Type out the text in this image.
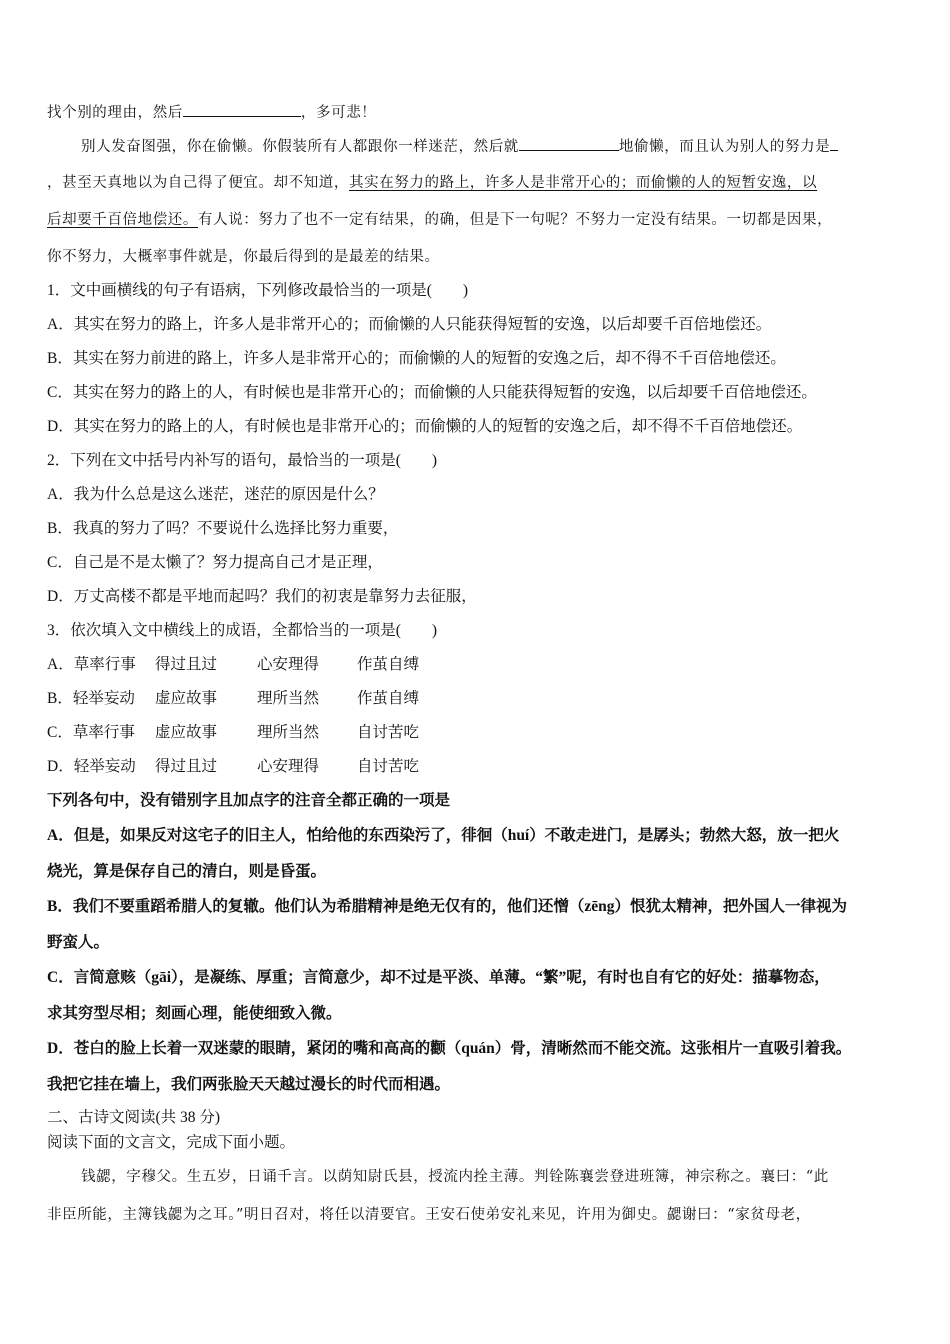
找个别的理由，然后	，多可悲！
别人发奋图强，你在偷懒。你假装所有人都跟你一样迷茫，然后就	地偷懒，而且认为别人的努力是
，甚至天真地以为自己得了便宜。却不知道，其实在努力的路上，许多人是非常开心的；而偷懒的人的短暂安逸，以
后却要千百倍地偿还。有人说：努力了也不一定有结果，的确，但是下一句呢？不努力一定没有结果。一切都是因果，
你不努力，大概率事件就是，你最后得到的是最差的结果。
1．文中画横线的句子有语病，下列修改最恰当的一项是(　　)
A．其实在努力的路上，许多人是非常开心的；而偷懒的人只能获得短暂的安逸，以后却要千百倍地偿还。
B．其实在努力前进的路上，许多人是非常开心的；而偷懒的人的短暂的安逸之后，却不得不千百倍地偿还。
C．其实在努力的路上的人，有时候也是非常开心的；而偷懒的人只能获得短暂的安逸，以后却要千百倍地偿还。
D．其实在努力的路上的人，有时候也是非常开心的；而偷懒的人的短暂的安逸之后，却不得不千百倍地偿还。
2．下列在文中括号内补写的语句，最恰当的一项是(　　)
A．我为什么总是这么迷茫，迷茫的原因是什么？
B．我真的努力了吗？不要说什么选择比努力重要，
C．自己是不是太懒了？努力提高自己才是正理，
D．万丈高楼不都是平地而起吗？我们的初衷是靠努力去征服，
3．依次填入文中横线上的成语，全都恰当的一项是(　　)
A．草率行事 得过且过	心安理得 作茧自缚
B．轻举妄动 虚应故事	理所当然 作茧自缚
C．草率行事 虚应故事	理所当然 自讨苦吃
D．轻举妄动 得过且过	心安理得 自讨苦吃
下列各句中，没有错别字且加点字的注音全都正确的一项是
A．但是，如果反对这宅子的旧主人，怕给他的东西染污了，徘徊（huí）不敢走进门，是孱头；勃然大怒，放一把火
烧光，算是保存自己的清白，则是昏蛋。
B．我们不要重蹈希腊人的复辙。他们认为希腊精神是绝无仅有的，他们还憎（zēng）恨犹太精神，把外国人一律视为
野蛮人。
C．言简意赅（gāi），是凝练、厚重；言简意少，却不过是平淡、单薄。“繁”呢，有时也自有它的好处：描摹物态，
求其穷型尽相；刻画心理，能使细致入微。
D．苍白的脸上长着一双迷蒙的眼睛，紧闭的嘴和高高的颧（quán）骨，清晰然而不能交流。这张相片一直吸引着我。
我把它挂在墙上，我们两张脸天天越过漫长的时代而相遇。
二、古诗文阅读(共 38 分)
阅读下面的文言文，完成下面小题。
钱勰，字穆父。生五岁，日诵千言。以荫知尉氏县，授流内拴主薄。判铨陈襄尝登进班簿，神宗称之。襄曰：“此
非臣所能，主簿钱勰为之耳。”明日召对，将任以清要官。王安石使弟安礼来见，许用为御史。勰谢曰：“家贫母老，
